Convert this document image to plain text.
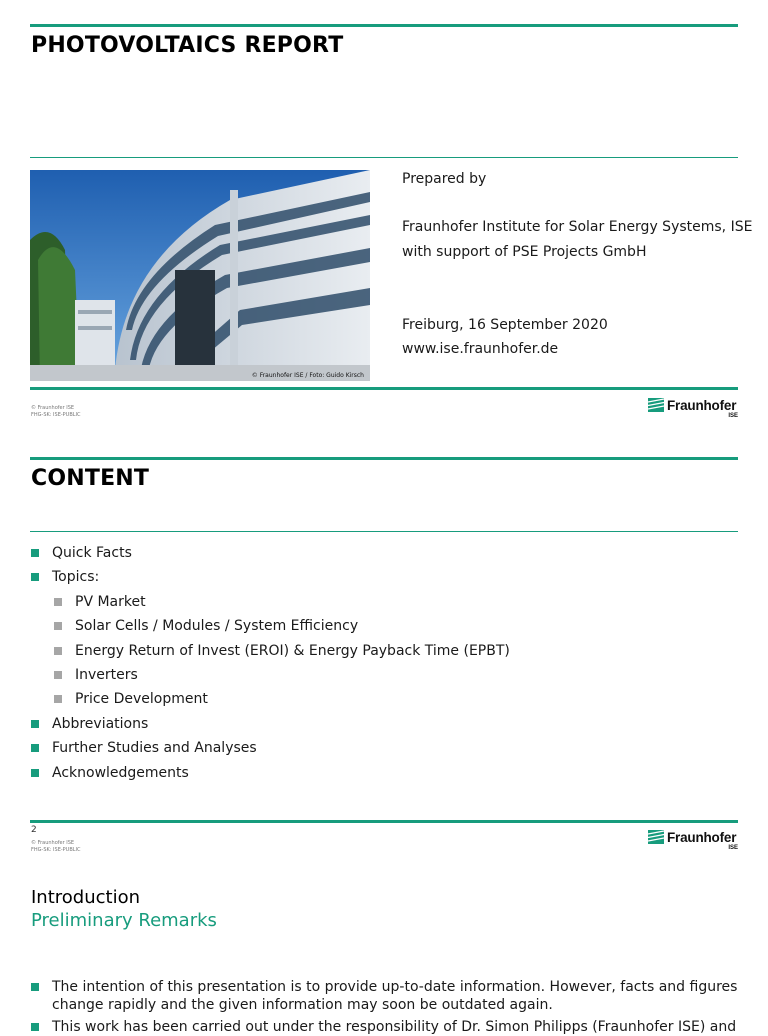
PHOTOVOLTAICS REPORT
© Fraunhofer ISE / Foto: Guido Kirsch
Prepared by
Fraunhofer Institute for Solar Energy Systems, ISE
with support of PSE Projects GmbH
Freiburg, 16 September 2020
www.ise.fraunhofer.de
© Fraunhofer ISE
FHG-SK: ISE-PUBLIC
Fraunhofer
ISE
CONTENT
Quick Facts
Topics:
PV Market
Solar Cells / Modules / System Efficiency
Energy Return of Invest (EROI) & Energy Payback Time (EPBT)
Inverters
Price Development
Abbreviations
Further Studies and Analyses
Acknowledgements
2
© Fraunhofer ISE
FHG-SK: ISE-PUBLIC
Fraunhofer
ISE
Introduction
Preliminary Remarks
The intention of this presentation is to provide up-to-date information. However, facts and figures change rapidly and the given information may soon be outdated again.
This work has been carried out under the responsibility of Dr. Simon Philipps (Fraunhofer ISE) and
